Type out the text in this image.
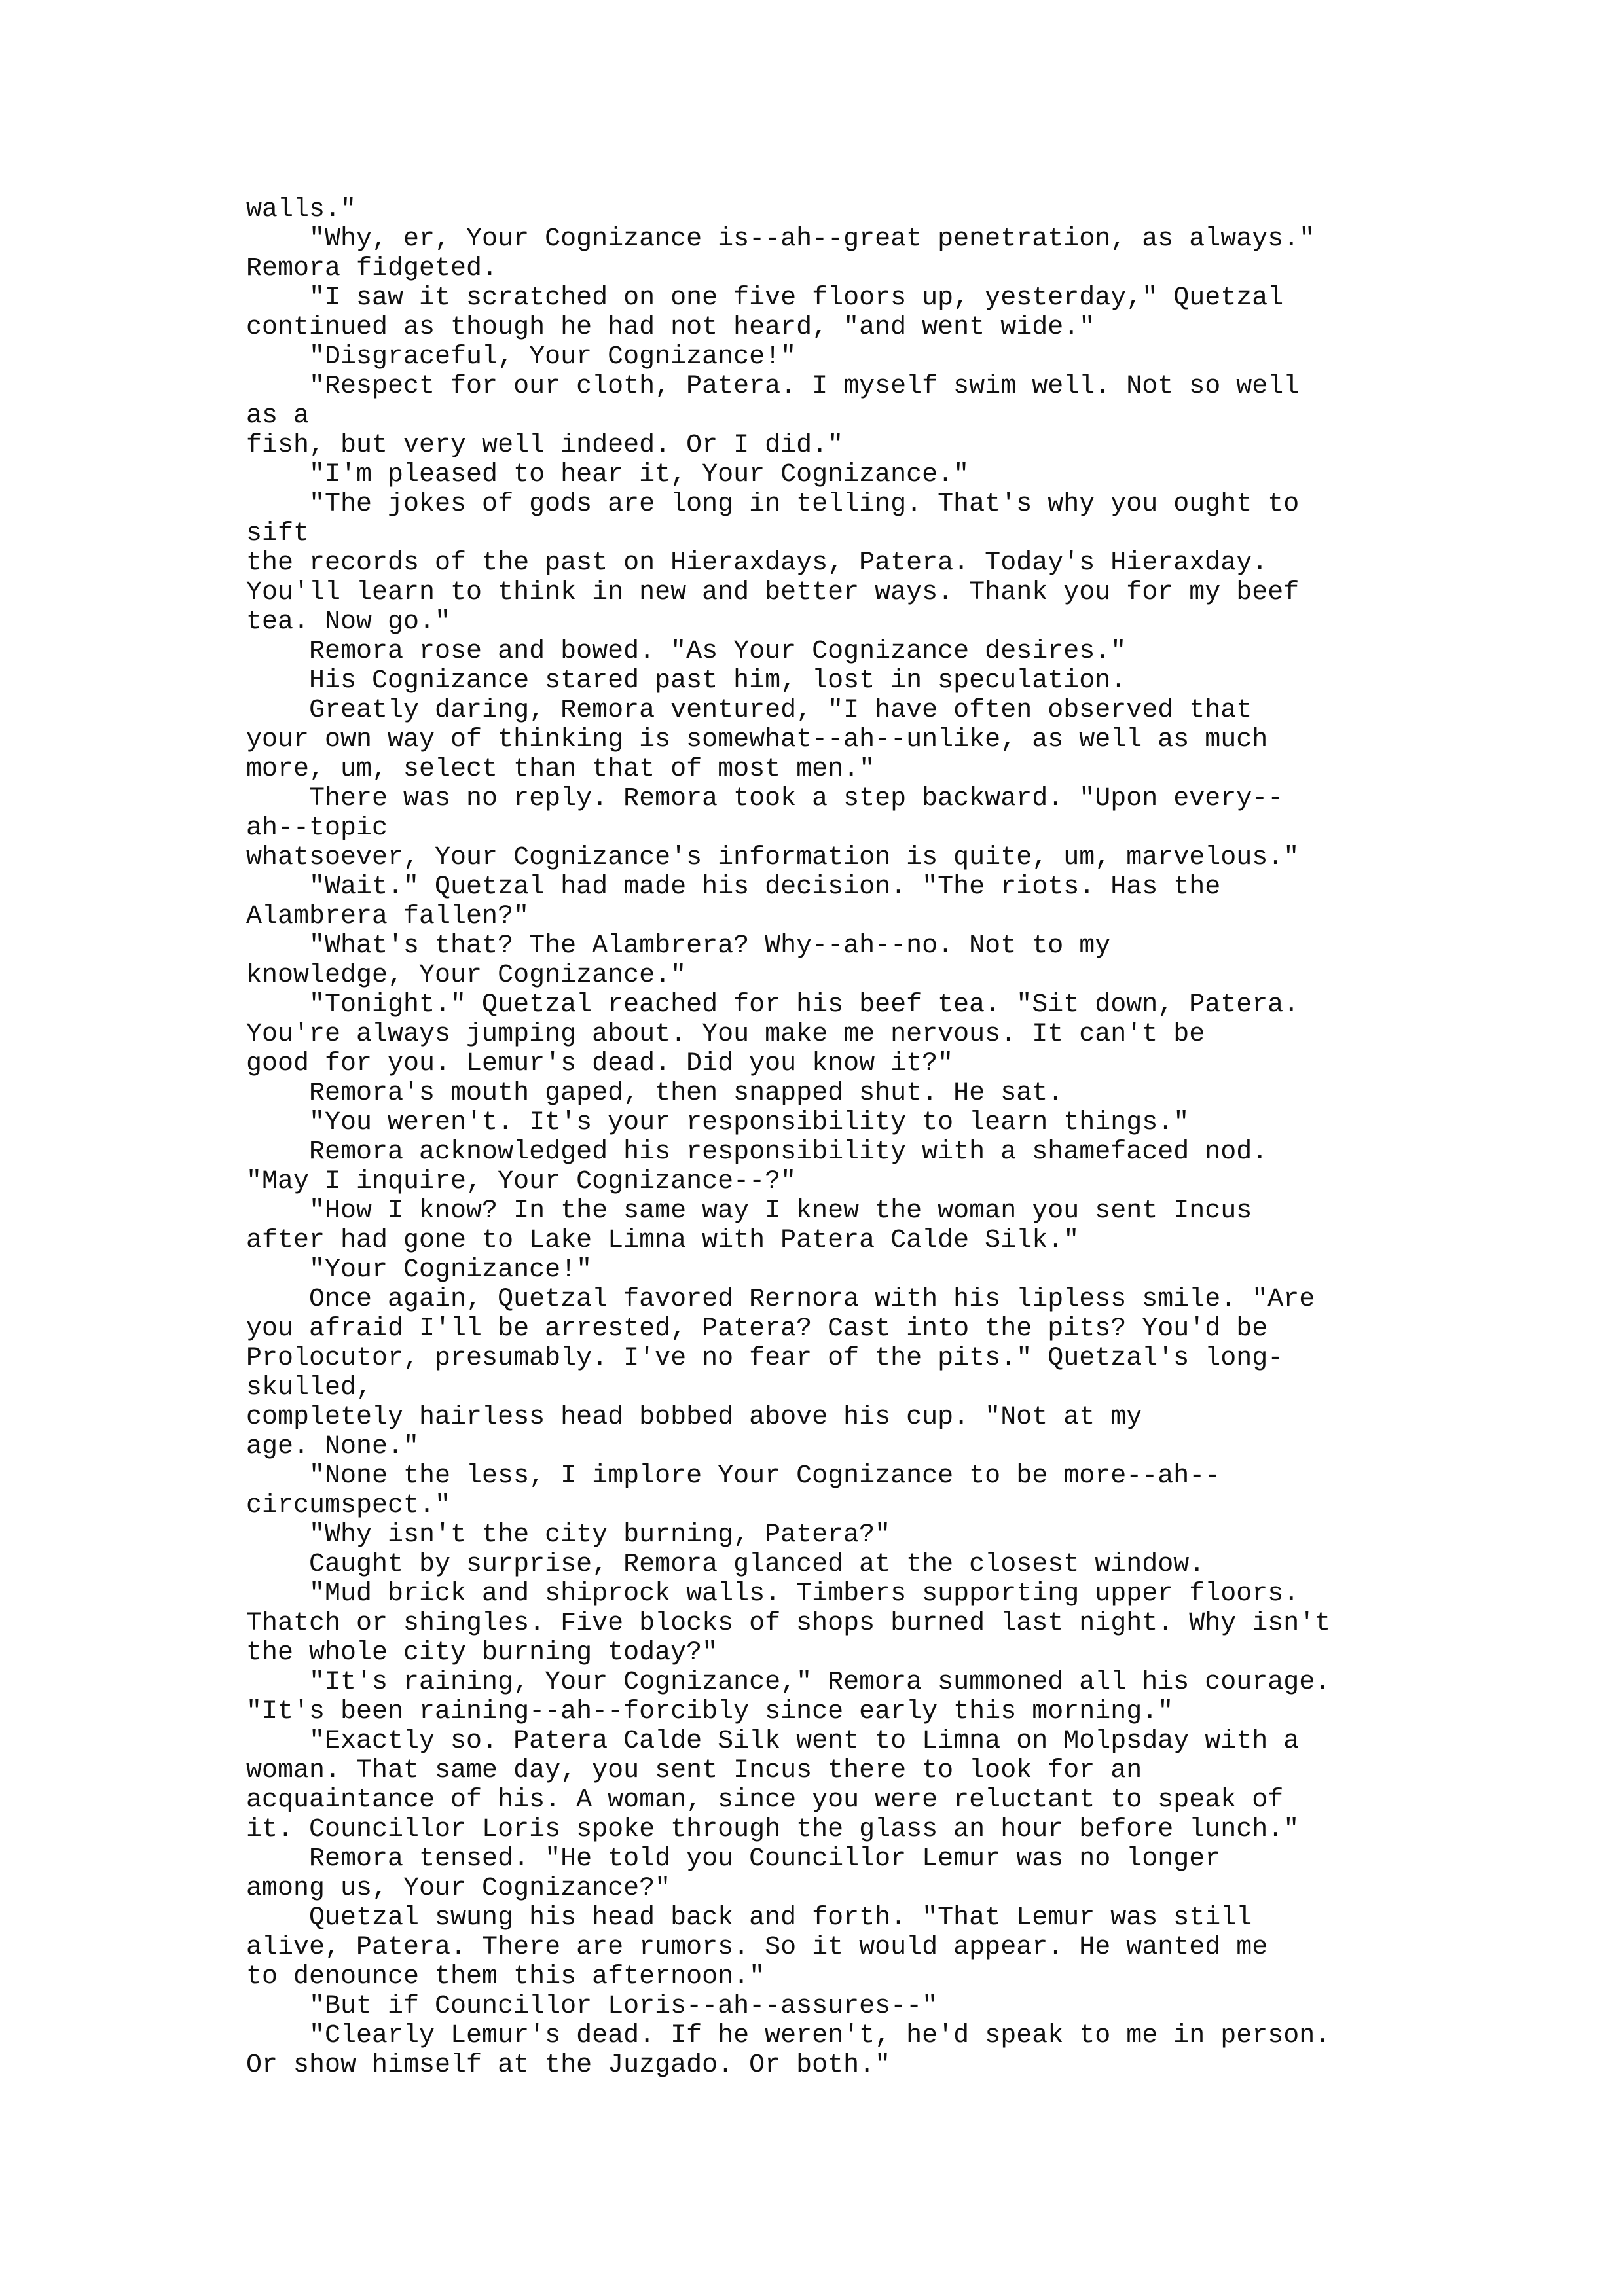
walls."
"Why, er, Your Cognizance is--ah--great penetration, as always."
Remora fidgeted.
"I saw it scratched on one five floors up, yesterday," Quetzal
continued as though he had not heard, "and went wide."
"Disgraceful, Your Cognizance!"
"Respect for our cloth, Patera. I myself swim well. Not so well
as a
fish, but very well indeed. Or I did."
"I'm pleased to hear it, Your Cognizance."
"The jokes of gods are long in telling. That's why you ought to
sift
the records of the past on Hieraxdays, Patera. Today's Hieraxday.
You'll learn to think in new and better ways. Thank you for my beef
tea. Now go."
Remora rose and bowed. "As Your Cognizance desires."
His Cognizance stared past him, lost in speculation.
Greatly daring, Remora ventured, "I have often observed that
your own way of thinking is somewhat--ah--unlike, as well as much
more, um, select than that of most men."
There was no reply. Remora took a step backward. "Upon every--
ah--topic
whatsoever, Your Cognizance's information is quite, um, marvelous."
"Wait." Quetzal had made his decision. "The riots. Has the
Alambrera fallen?"
"What's that? The Alambrera? Why--ah--no. Not to my
knowledge, Your Cognizance."
"Tonight." Quetzal reached for his beef tea. "Sit down, Patera.
You're always jumping about. You make me nervous. It can't be
good for you. Lemur's dead. Did you know it?"
Remora's mouth gaped, then snapped shut. He sat.
"You weren't. It's your responsibility to learn things."
Remora acknowledged his responsibility with a shamefaced nod.
"May I inquire, Your Cognizance--?"
"How I know? In the same way I knew the woman you sent Incus
after had gone to Lake Limna with Patera Calde Silk."
"Your Cognizance!"
Once again, Quetzal favored Rernora with his lipless smile. "Are
you afraid I'll be arrested, Patera? Cast into the pits? You'd be
Prolocutor, presumably. I've no fear of the pits." Quetzal's long-
skulled,
completely hairless head bobbed above his cup. "Not at my
age. None."
"None the less, I implore Your Cognizance to be more--ah--
circumspect."
"Why isn't the city burning, Patera?"
Caught by surprise, Remora glanced at the closest window.
"Mud brick and shiprock walls. Timbers supporting upper floors.
Thatch or shingles. Five blocks of shops burned last night. Why isn't
the whole city burning today?"
"It's raining, Your Cognizance," Remora summoned all his courage.
"It's been raining--ah--forcibly since early this morning."
"Exactly so. Patera Calde Silk went to Limna on Molpsday with a
woman. That same day, you sent Incus there to look for an
acquaintance of his. A woman, since you were reluctant to speak of
it. Councillor Loris spoke through the glass an hour before lunch."
Remora tensed. "He told you Councillor Lemur was no longer
among us, Your Cognizance?"
Quetzal swung his head back and forth. "That Lemur was still
alive, Patera. There are rumors. So it would appear. He wanted me
to denounce them this afternoon."
"But if Councillor Loris--ah--assures--"
"Clearly Lemur's dead. If he weren't, he'd speak to me in person.
Or show himself at the Juzgado. Or both."
